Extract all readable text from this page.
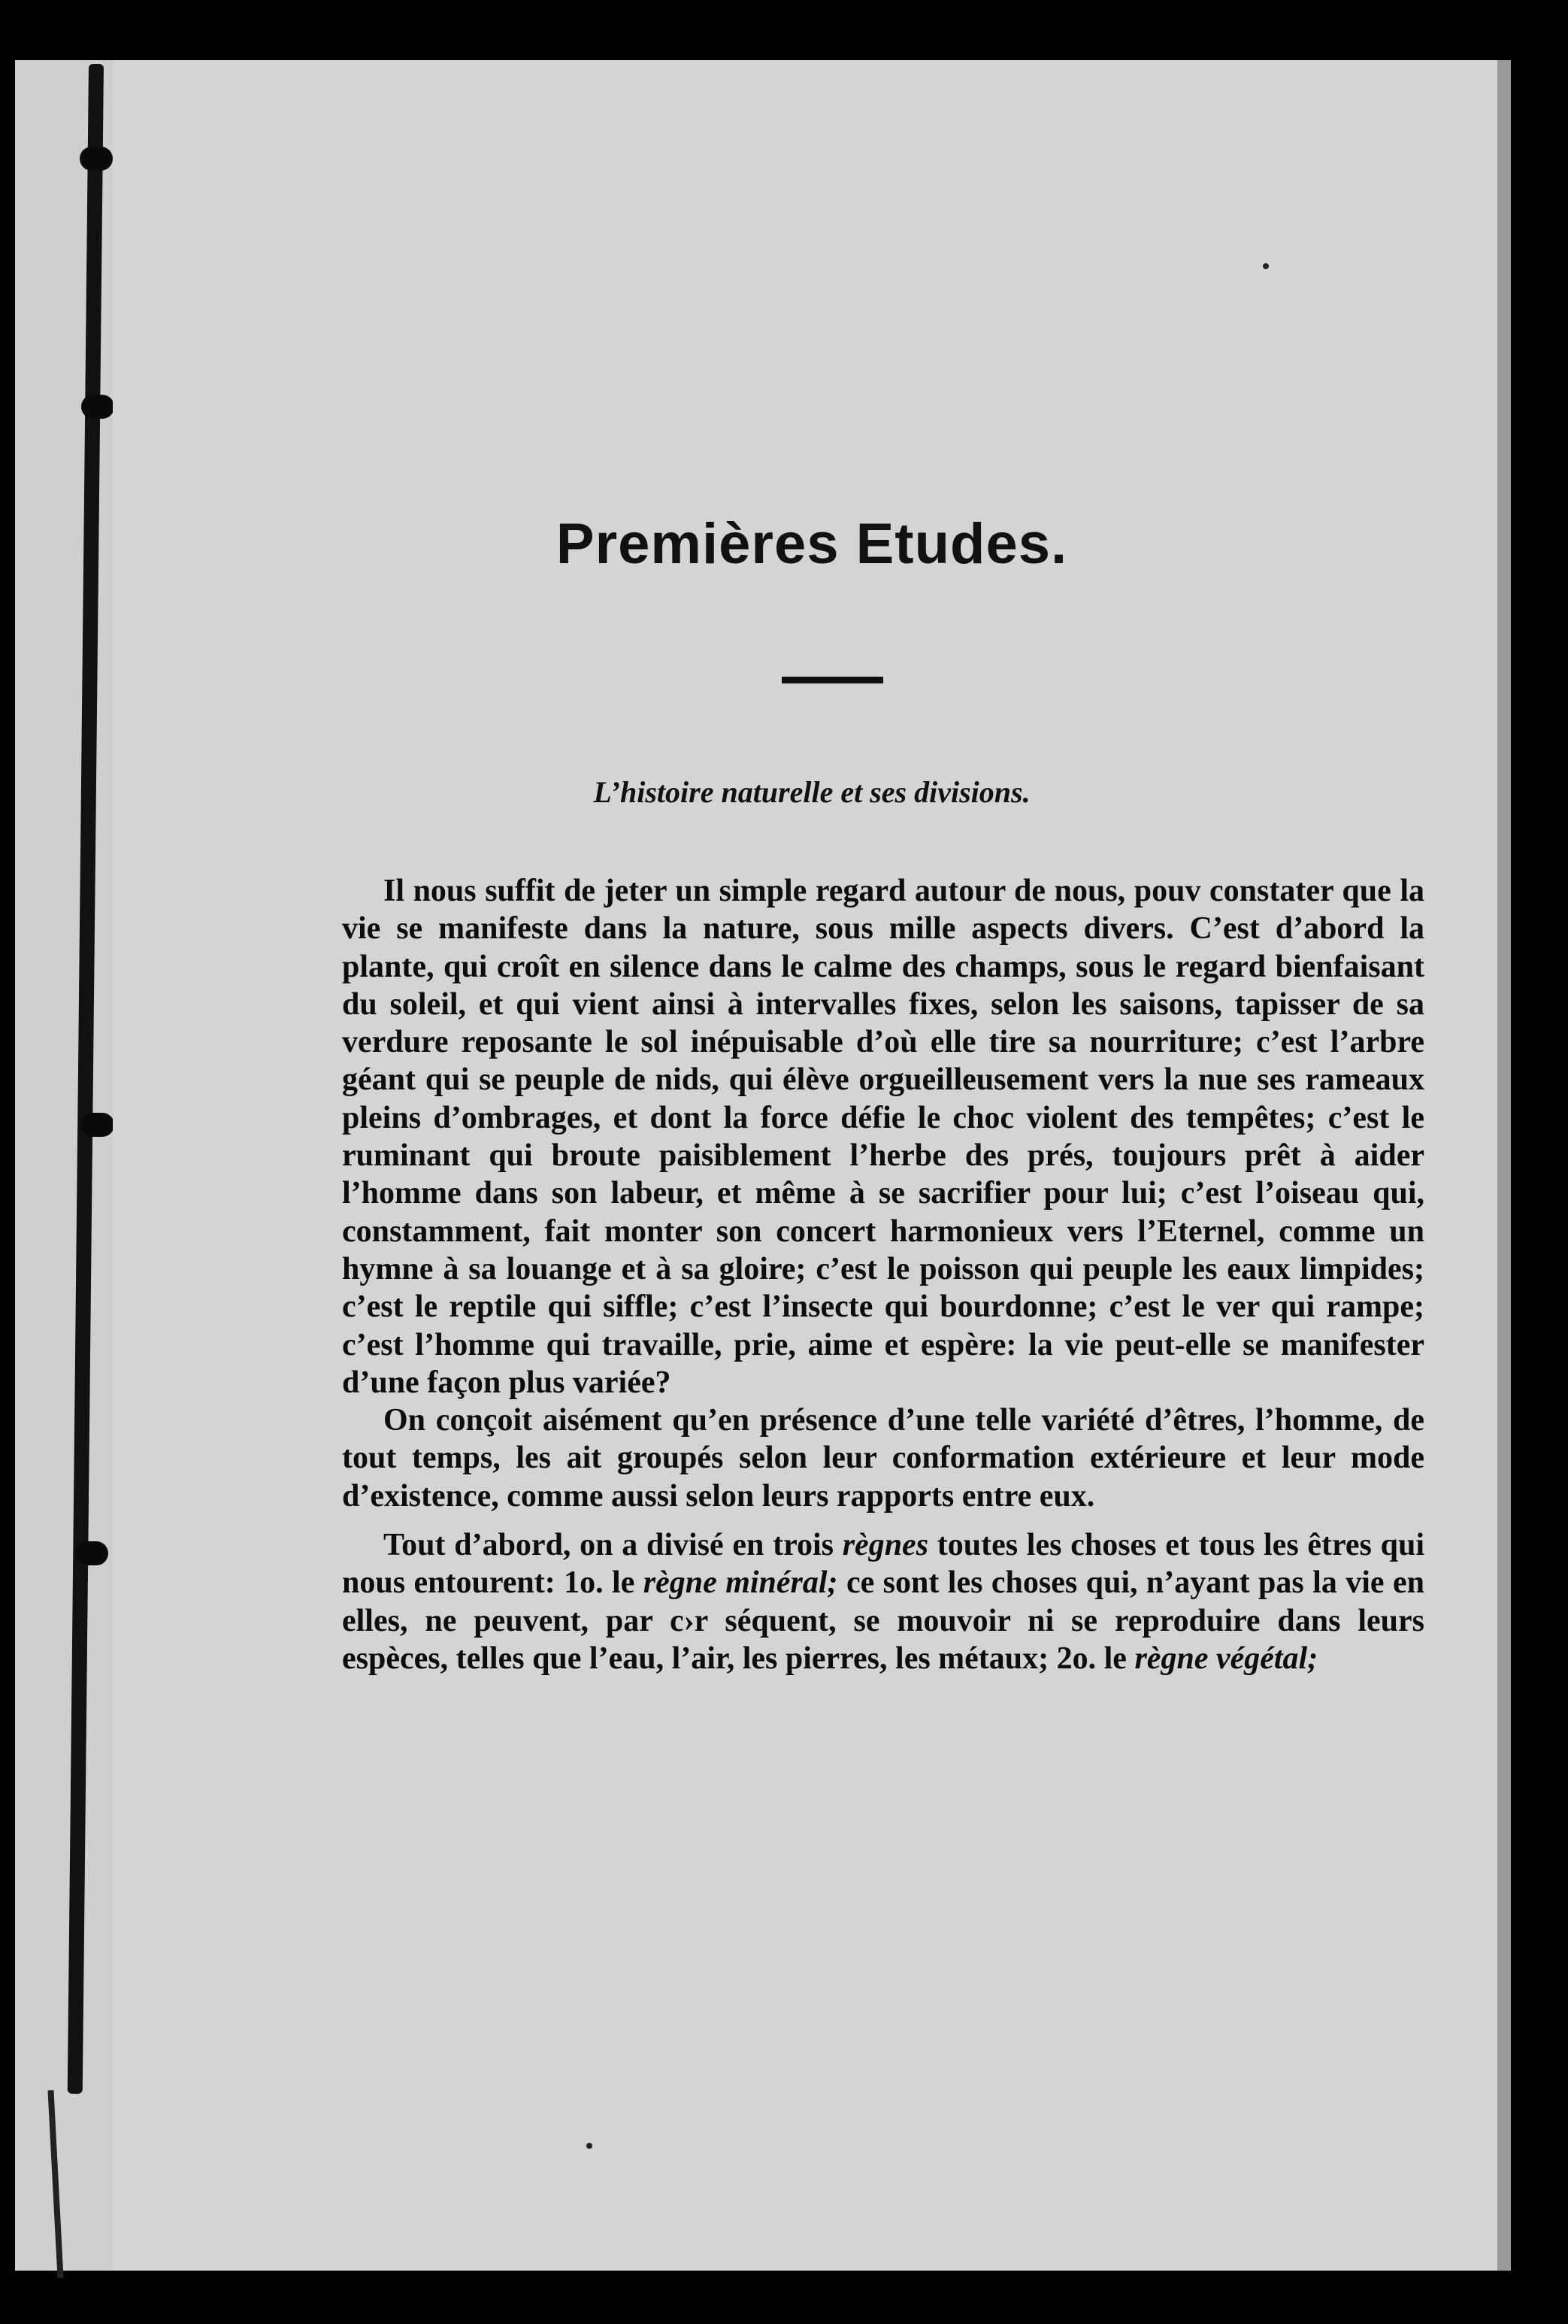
Premières Etudes.
L’histoire naturelle et ses divisions.

Il nous suffit de jeter un simple regard autour de nous, pouv constater que la vie se manifeste dans la nature, sous mille aspects divers. C’est d’abord la plante, qui croît en silence dans le calme des champs, sous le regard bienfaisant du soleil, et qui vient ainsi à intervalles fixes, selon les saisons, tapisser de sa verdure reposante le sol inépuisable d’où elle tire sa nourriture; c’est l’arbre géant qui se peuple de nids, qui élève orgueilleusement vers la nue ses rameaux pleins d’ombrages, et dont la force défie le choc violent des tempêtes; c’est le ruminant qui broute paisiblement l’herbe des prés, toujours prêt à aider l’homme dans son labeur, et même à se sacrifier pour lui; c’est l’oiseau qui, constamment, fait monter son concert harmonieux vers l’Eternel, comme un hymne à sa louange et à sa gloire; c’est le poisson qui peuple les eaux limpides; c’est le reptile qui siffle; c’est l’insecte qui bourdonne; c’est le ver qui rampe; c’est l’homme qui travaille, prie, aime et espère: la vie peut-elle se manifester d’une façon plus variée?

On conçoit aisément qu’en présence d’une telle variété d’êtres, l’homme, de tout temps, les ait groupés selon leur conformation extérieure et leur mode d’existence, comme aussi selon leurs rapports entre eux.

Tout d’abord, on a divisé en trois règnes toutes les choses et tous les êtres qui nous entourent: 1o. le règne minéral; ce sont les choses qui, n’ayant pas la vie en elles, ne peuvent, par c›r séquent, se mouvoir ni se reproduire dans leurs espèces, telles que l’eau, l’air, les pierres, les métaux; 2o. le règne végétal;
